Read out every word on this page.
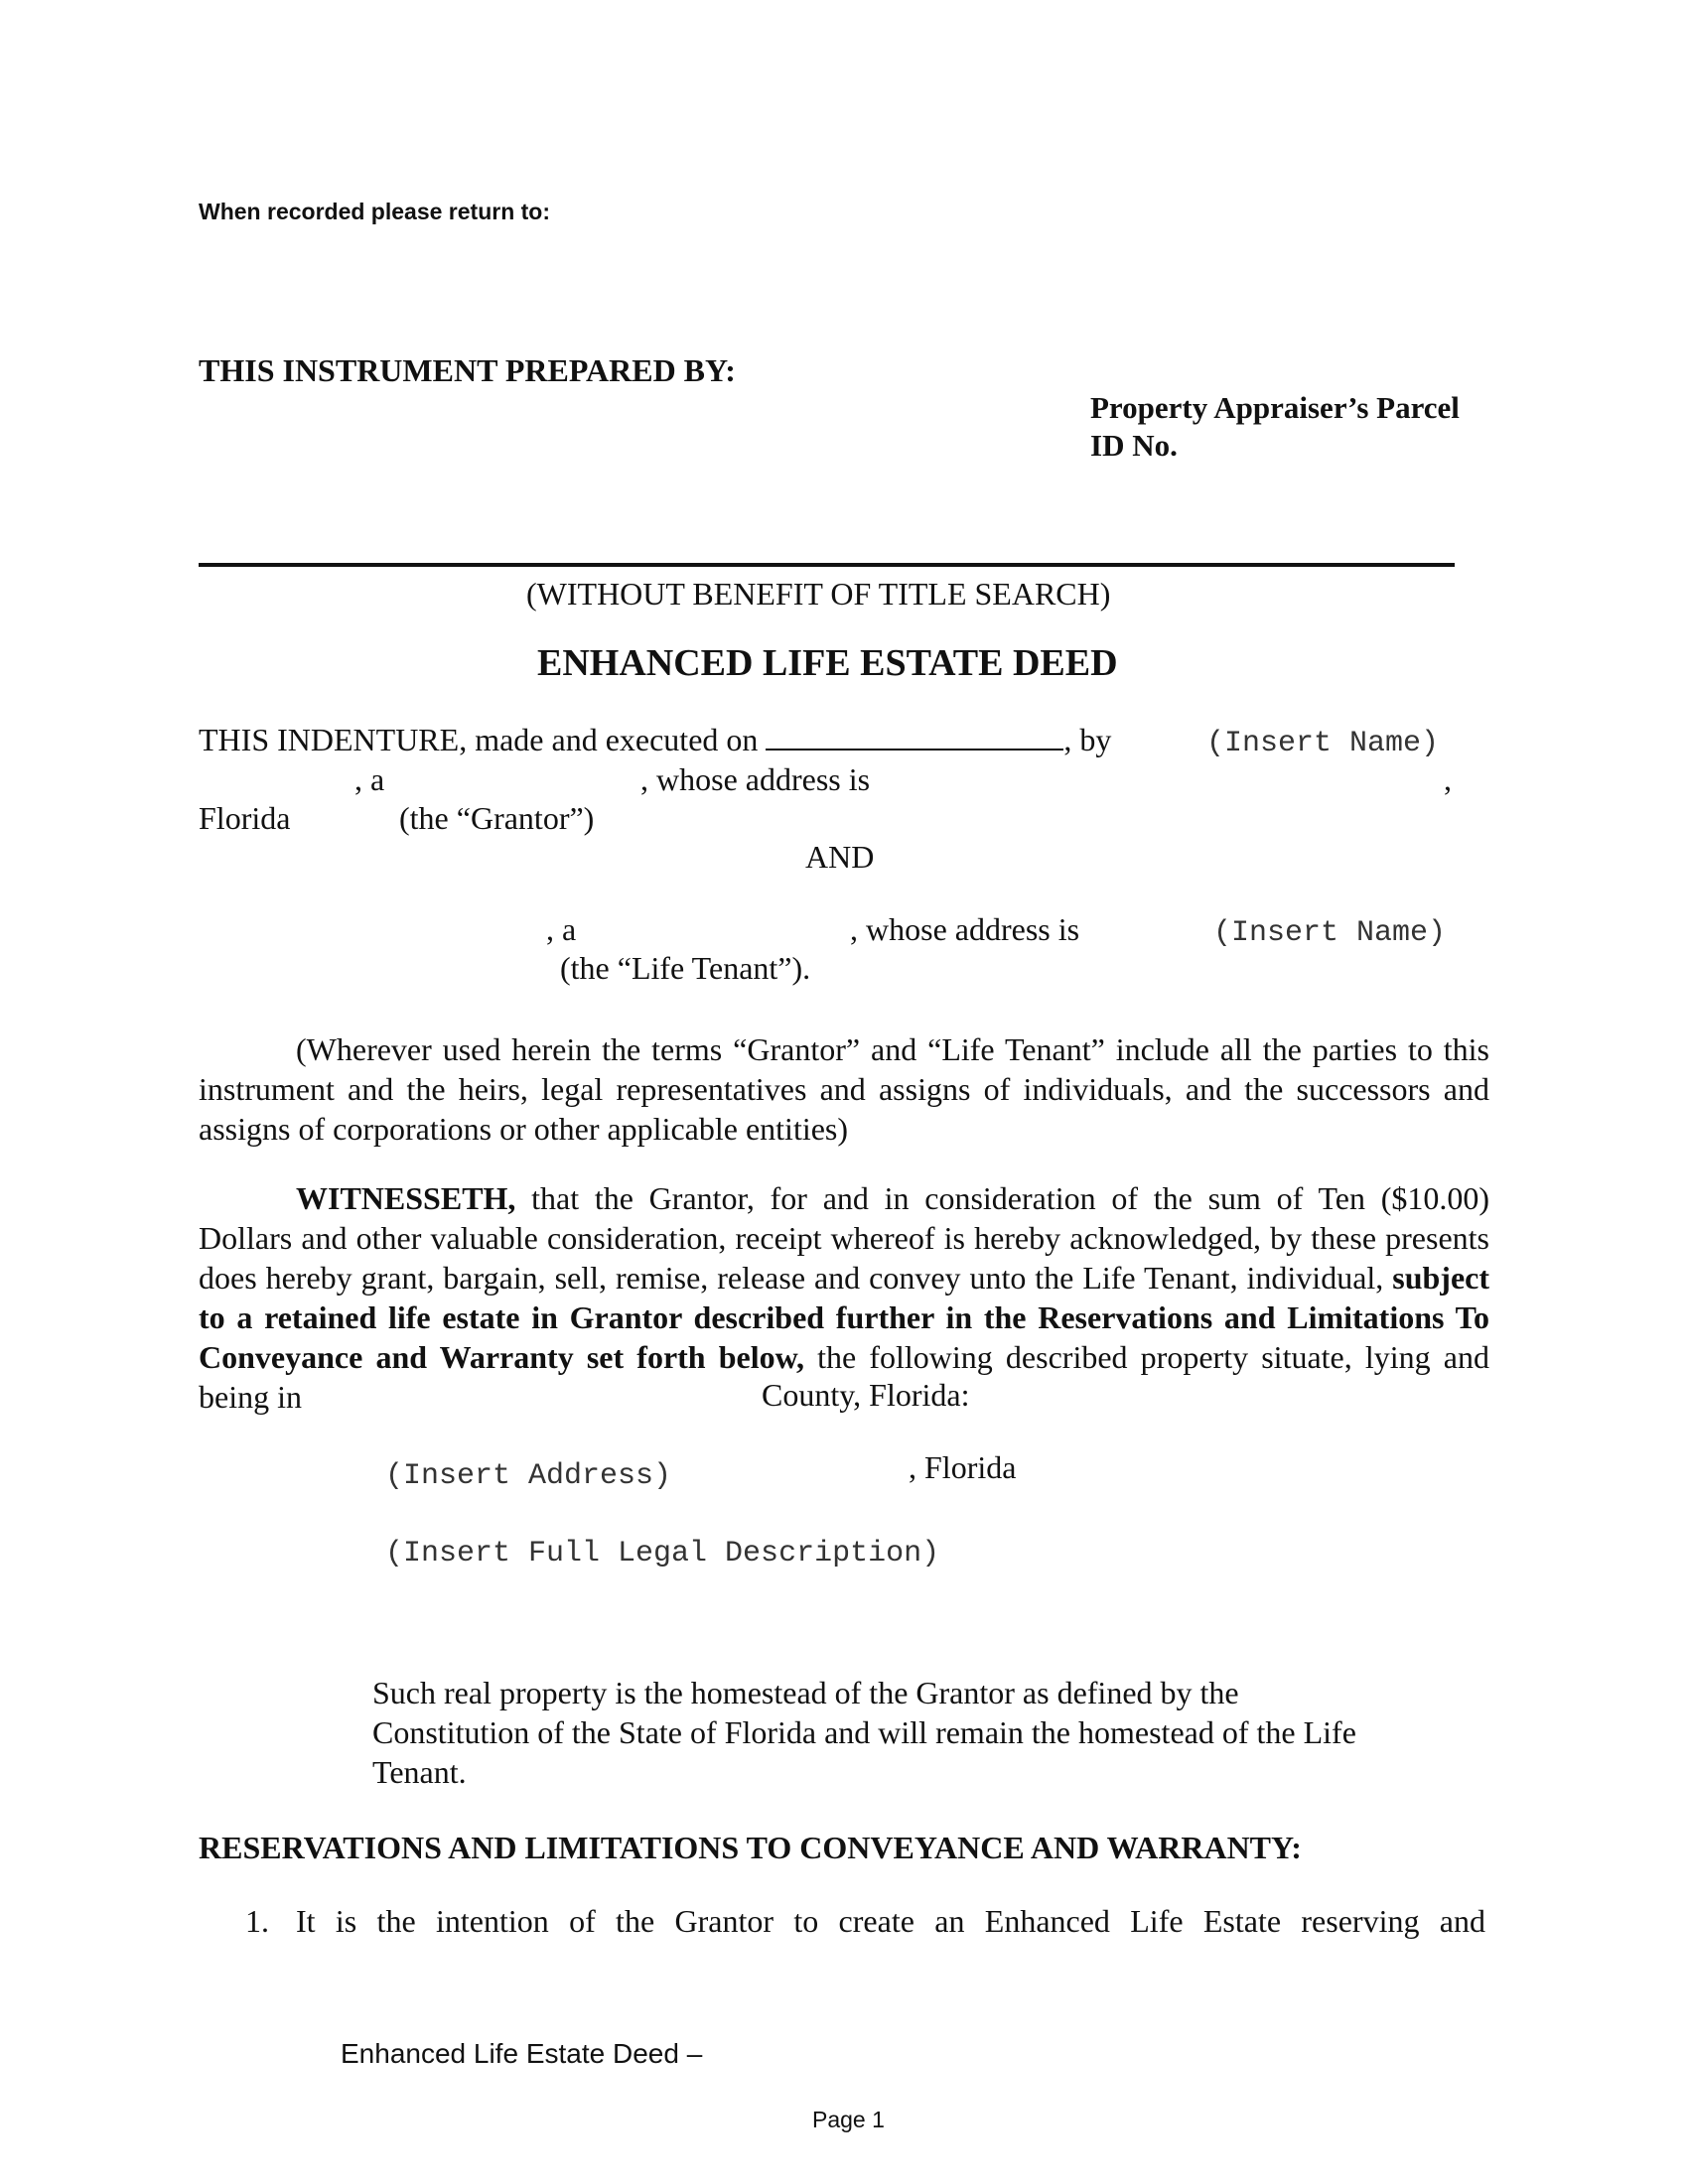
When recorded please return to:
THIS INSTRUMENT PREPARED BY:
Property Appraiser’s Parcel
ID No.
(WITHOUT BENEFIT OF TITLE SEARCH)
ENHANCED LIFE ESTATE DEED
THIS INDENTURE, made and executed on	, by	(Insert Name)
, a	, whose address is	,
Florida	(the “Grantor”)
AND
, a	, whose address is	(Insert Name)
(the “Life Tenant”).
(Wherever used herein the terms “Grantor” and “Life Tenant” include all the parties to this instrument and the heirs, legal representatives and assigns of individuals, and the successors and assigns of corporations or other applicable entities)
WITNESSETH, that the Grantor, for and in consideration of the sum of Ten ($10.00) Dollars and other valuable consideration, receipt whereof is hereby acknowledged, by these presents does hereby grant, bargain, sell, remise, release and convey unto the Life Tenant, individual, subject to a retained life estate in Grantor described further in the Reservations and Limitations To Conveyance and Warranty set forth below, the following described property situate, lying and being in	County, Florida:
(Insert Address)	, Florida
(Insert Full Legal Description)
Such real property is the homestead of the Grantor as defined by the Constitution of the State of Florida and will remain the homestead of the Life Tenant.
RESERVATIONS AND LIMITATIONS TO CONVEYANCE AND WARRANTY:
1. It is the intention of the Grantor to create an Enhanced Life Estate reserving and
Enhanced Life Estate Deed –
Page 1
